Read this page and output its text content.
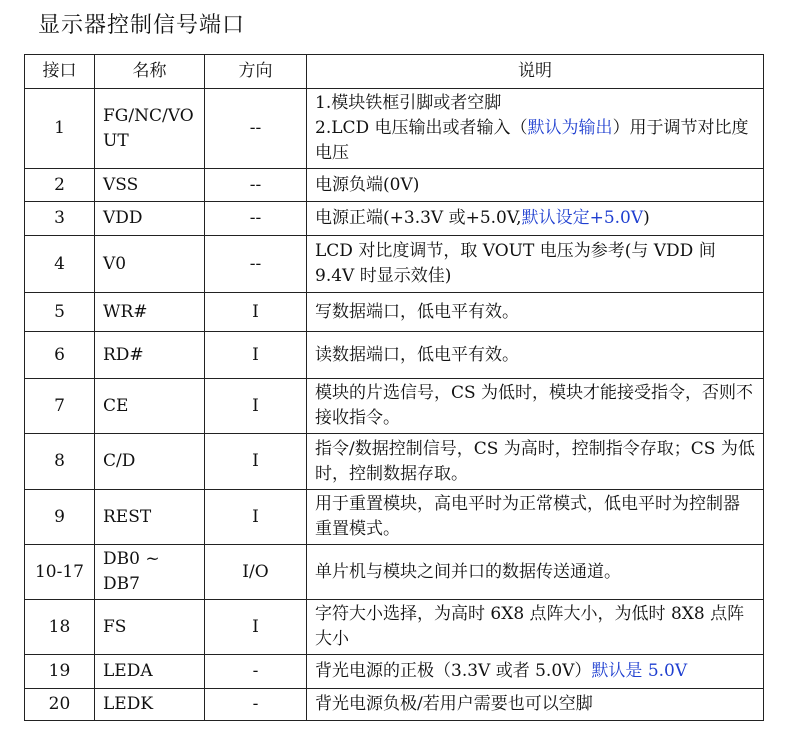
显示器控制信号端口
接口	名称	方向	说明
1	FG/NC/VO UT	--	1.模块铁框引脚或者空脚
2.LCD 电压输出或者输入（默认为输出）用于调节对比度电压
2	VSS	--	电源负端(0V)
3	VDD	--	电源正端(+3.3V 或+5.0V,默认设定+5.0V)
4	V0	--	LCD 对比度调节，取 VOUT 电压为参考(与 VDD 间 9.4V 时显示效佳)
5	WR#	I	写数据端口，低电平有效。
6	RD#	I	读数据端口，低电平有效。
7	CE	I	模块的片选信号，CS 为低时，模块才能接受指令，否则不接收指令。
8	C/D	I	指令/数据控制信号，CS 为高时，控制指令存取；CS 为低时，控制数据存取。
9	REST	I	用于重置模块，高电平时为正常模式，低电平时为控制器重置模式。
10-17	DB0 ~ DB7	I/O	单片机与模块之间并口的数据传送通道。
18	FS	I	字符大小选择，为高时 6X8 点阵大小，为低时 8X8 点阵大小
19	LEDA	-	背光电源的正极（3.3V 或者 5.0V）默认是 5.0V
20	LEDK	-	背光电源负极/若用户需要也可以空脚
